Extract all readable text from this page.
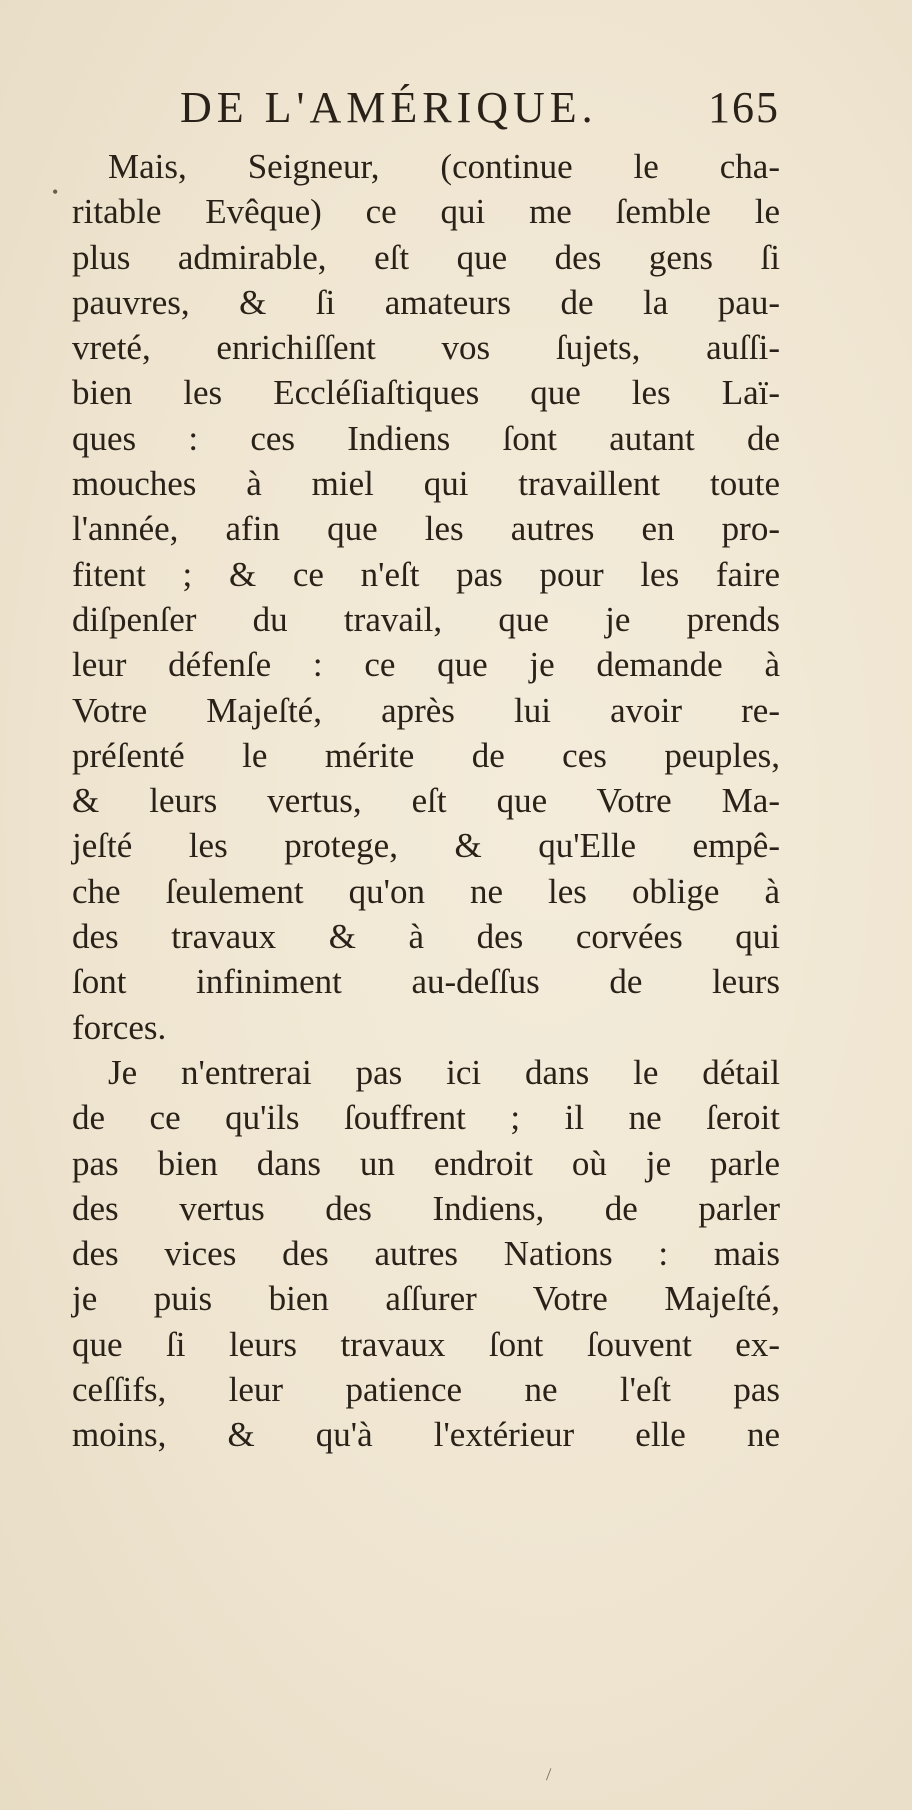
DE L'AMÉRIQUE.	165
•
Mais, Seigneur, (continue le cha-
ritable Evêque) ce qui me ſemble le
plus admirable, eſt que des gens ſi
pauvres, & ſi amateurs de la pau-
vreté, enrichiſſent vos ſujets, auſſi-
bien les Eccléſiaſtiques que les Laï-
ques : ces Indiens ſont autant de
mouches à miel qui travaillent toute
l'année, afin que les autres en pro-
fitent ; & ce n'eſt pas pour les faire
diſpenſer du travail, que je prends
leur défenſe : ce que je demande à
Votre Majeſté, après lui avoir re-
préſenté le mérite de ces peuples,
& leurs vertus, eſt que Votre Ma-
jeſté les protege, & qu'Elle empê-
che ſeulement qu'on ne les oblige à
des travaux & à des corvées qui
ſont infiniment au-deſſus de leurs
forces.
Je n'entrerai pas ici dans le détail
de ce qu'ils ſouffrent ; il ne ſeroit
pas bien dans un endroit où je parle
des vertus des Indiens, de parler
des vices des autres Nations : mais
je puis bien aſſurer Votre Majeſté,
que ſi leurs travaux ſont ſouvent ex-
ceſſifs, leur patience ne l'eſt pas
moins, & qu'à l'extérieur elle ne
\
